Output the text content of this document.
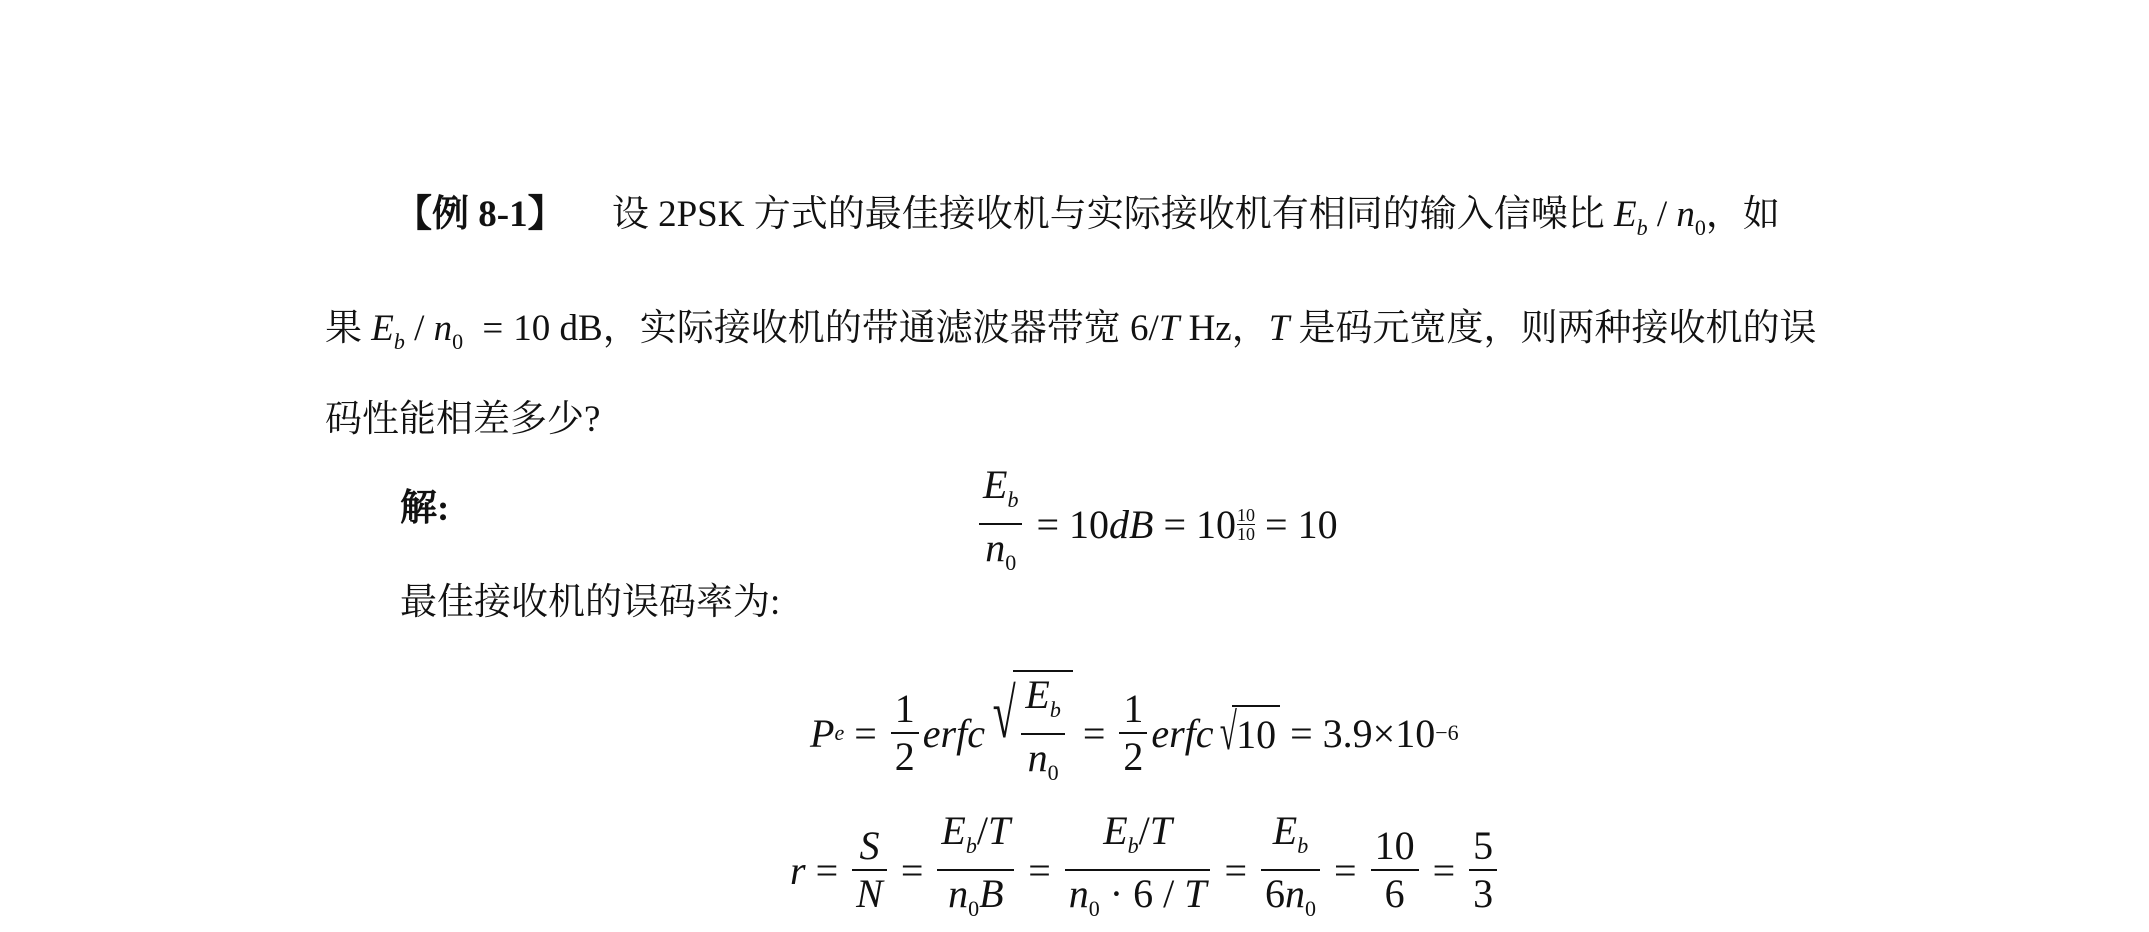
【例 8-1】 设 2PSK 方式的最佳接收机与实际接收机有相同的输入信噪比 $E_b / n_0$，如
果 $E_b / n_0 = 10$ dB，实际接收机的带通滤波器带宽 6/T Hz，T 是码元宽度，则两种接收机的误
码性能相差多少?
解:	$\frac{E_b}{n_0} = 10$ dB = 10 10
10 = 10
最佳接收机的误码率为:
P $e = \frac{1}{2}$ erfc √ $\frac{E_b}{n_0} = \frac{1}{2}$ erfc √ 10 = 3.9 × 10 −6
$r = \frac{S}{N} = \frac{E_b/T}{n_0B} = \frac{E_b/T}{n_0 \cdot 6 / T} = \frac{E_b}{6n_0} = \frac{10}{6} = \frac{5}{3}$
